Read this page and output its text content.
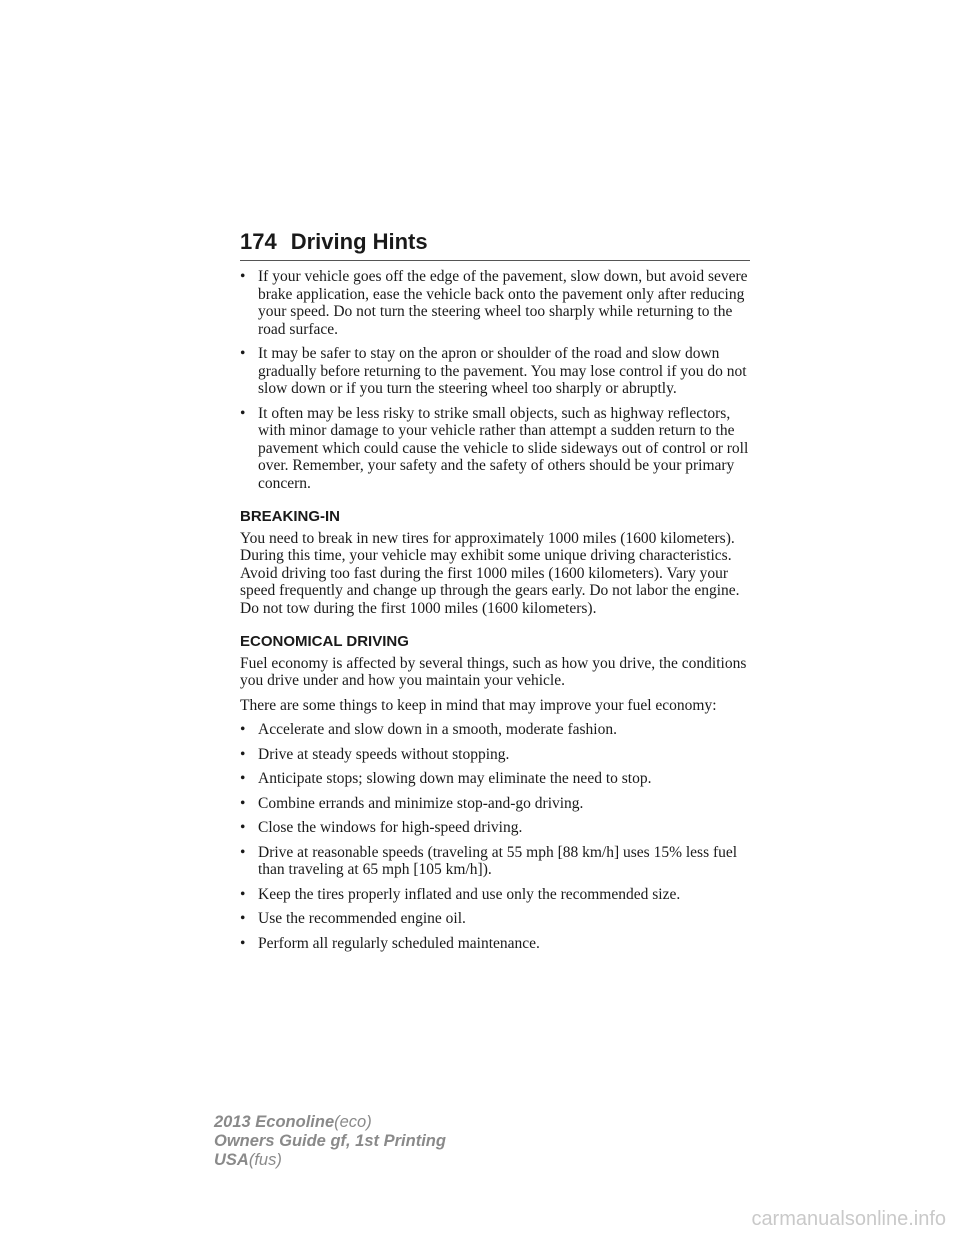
174 Driving Hints
• If your vehicle goes off the edge of the pavement, slow down, but avoid severe brake application, ease the vehicle back onto the pavement only after reducing your speed. Do not turn the steering wheel too sharply while returning to the road surface.
• It may be safer to stay on the apron or shoulder of the road and slow down gradually before returning to the pavement. You may lose control if you do not slow down or if you turn the steering wheel too sharply or abruptly.
• It often may be less risky to strike small objects, such as highway reflectors, with minor damage to your vehicle rather than attempt a sudden return to the pavement which could cause the vehicle to slide sideways out of control or roll over. Remember, your safety and the safety of others should be your primary concern.
BREAKING-IN

You need to break in new tires for approximately 1000 miles (1600 kilometers). During this time, your vehicle may exhibit some unique driving characteristics. Avoid driving too fast during the first 1000 miles (1600 kilometers). Vary your speed frequently and change up through the gears early. Do not labor the engine. Do not tow during the first 1000 miles (1600 kilometers).

ECONOMICAL DRIVING

Fuel economy is affected by several things, such as how you drive, the conditions you drive under and how you maintain your vehicle.

There are some things to keep in mind that may improve your fuel economy:

• Accelerate and slow down in a smooth, moderate fashion.
• Drive at steady speeds without stopping.
• Anticipate stops; slowing down may eliminate the need to stop.
• Combine errands and minimize stop-and-go driving.
• Close the windows for high-speed driving.
• Drive at reasonable speeds (traveling at 55 mph [88 km/h] uses 15% less fuel than traveling at 65 mph [105 km/h]).
• Keep the tires properly inflated and use only the recommended size.
• Use the recommended engine oil.
• Perform all regularly scheduled maintenance.
2013 Econoline(eco)
Owners Guide gf, 1st Printing
USA(fus)
carmanualsonline.info
